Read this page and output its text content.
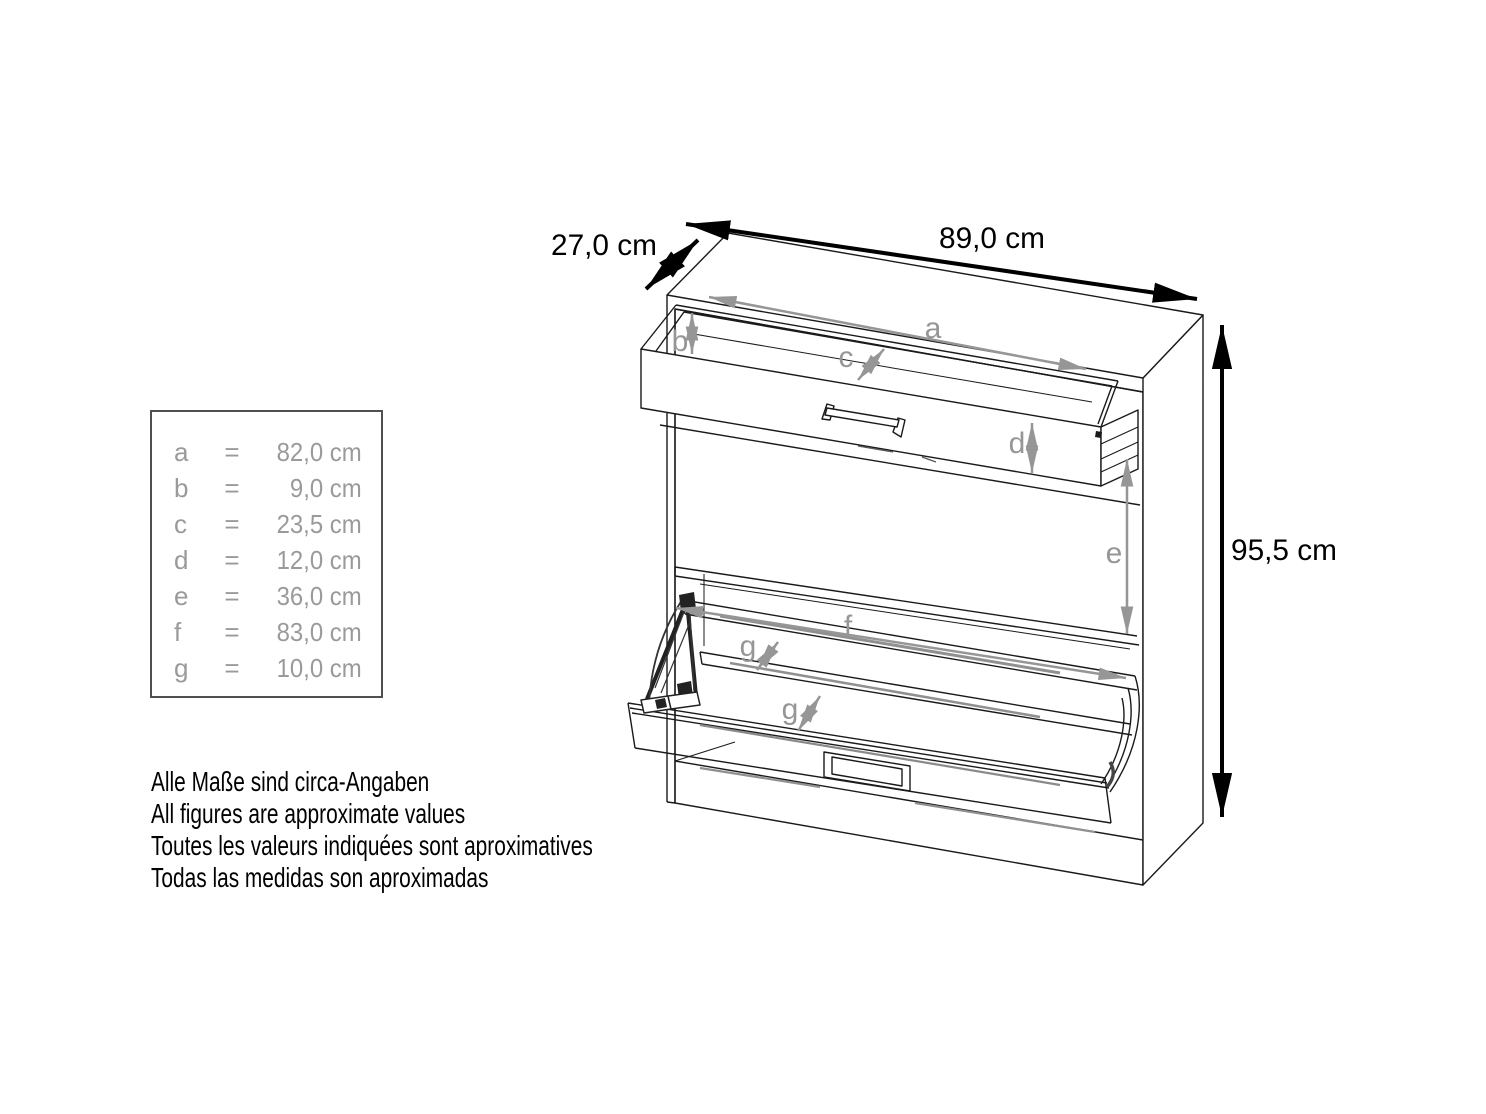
89,0 cm
27,0 cm
95,5 cm
a
b	c
d
e
f
g
g
a	=	82,0 cm
b	=	9,0 cm
c	=	23,5 cm
d	=	12,0 cm
e	=	36,0 cm
f	=	83,0 cm
g	=	10,0 cm
Alle Maße sind circa-Angaben
All figures are approximate values
Toutes les valeurs indiquées sont aproximatives
Todas las medidas son aproximadas
